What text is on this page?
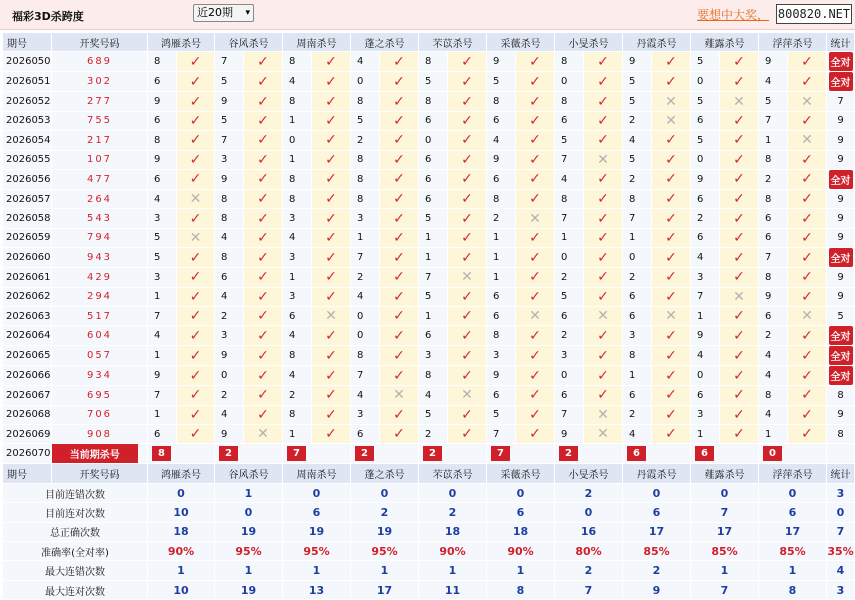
福彩3D杀跨度	近20期 ▾	要想中大奖， 800820.NET
期号	开奖号码	鸿雁杀号		谷风杀号		周南杀号		蓬之杀号		芣苡杀号		采薇杀号		小旻杀号		丹霞杀号		薤露杀号		浮萍杀号		统计
2026050	689	8	✓	7	✓	8	✓	4	✓	8	✓	9	✓	8	✓	9	✓	5	✓	9	✓	全对
2026051	302	6	✓	5	✓	4	✓	0	✓	5	✓	5	✓	0	✓	5	✓	0	✓	4	✓	全对
2026052	277	9	✓	9	✓	8	✓	8	✓	8	✓	8	✓	8	✓	5	✕	5	✕	5	✕	7
2026053	755	6	✓	5	✓	1	✓	5	✓	6	✓	6	✓	6	✓	2	✕	6	✓	7	✓	9
2026054	217	8	✓	7	✓	0	✓	2	✓	0	✓	4	✓	5	✓	4	✓	5	✓	1	✕	9
2026055	107	9	✓	3	✓	1	✓	8	✓	6	✓	9	✓	7	✕	5	✓	0	✓	8	✓	9
2026056	477	6	✓	9	✓	8	✓	8	✓	6	✓	6	✓	4	✓	2	✓	9	✓	2	✓	全对
2026057	264	4	✕	8	✓	8	✓	8	✓	6	✓	8	✓	8	✓	8	✓	6	✓	8	✓	9
2026058	543	3	✓	8	✓	3	✓	3	✓	5	✓	2	✕	7	✓	7	✓	2	✓	6	✓	9
2026059	794	5	✕	4	✓	4	✓	1	✓	1	✓	1	✓	1	✓	1	✓	6	✓	6	✓	9
2026060	943	5	✓	8	✓	3	✓	7	✓	1	✓	1	✓	0	✓	0	✓	4	✓	7	✓	全对
2026061	429	3	✓	6	✓	1	✓	2	✓	7	✕	1	✓	2	✓	2	✓	3	✓	8	✓	9
2026062	294	1	✓	4	✓	3	✓	4	✓	5	✓	6	✓	5	✓	6	✓	7	✕	9	✓	9
2026063	517	7	✓	2	✓	6	✕	0	✓	1	✓	6	✕	6	✕	6	✕	1	✓	6	✕	5
2026064	604	4	✓	3	✓	4	✓	0	✓	6	✓	8	✓	2	✓	3	✓	9	✓	2	✓	全对
2026065	057	1	✓	9	✓	8	✓	8	✓	3	✓	3	✓	3	✓	8	✓	4	✓	4	✓	全对
2026066	934	9	✓	0	✓	4	✓	7	✓	8	✓	9	✓	0	✓	1	✓	0	✓	4	✓	全对
2026067	695	7	✓	2	✓	2	✓	4	✕	4	✕	6	✓	6	✓	6	✓	6	✓	8	✓	8
2026068	706	1	✓	4	✓	8	✓	3	✓	5	✓	5	✓	7	✕	2	✓	3	✓	4	✓	9
2026069	908	6	✓	9	✕	1	✓	6	✓	2	✓	7	✓	9	✕	4	✓	1	✓	1	✓	8
2026070	当前期杀号	8		2		7		2		2		7		2		6		6		0		
期号	开奖号码	鸿雁杀号		谷风杀号		周南杀号		蓬之杀号		芣苡杀号		采薇杀号		小旻杀号		丹霞杀号		薤露杀号		浮萍杀号		统计
目前连错次数		0		1		0		0		0		0		2		0		0		0		3
目前连对次数		10		0		6		2		2		6		0		6		7		6		0
总正确次数		18		19		19		19		18		18		16		17		17		17		7
准确率(全对率)		90%		95%		95%		95%		90%		90%		80%		85%		85%		85%		35%
最大连错次数		1		1		1		1		1		1		2		2		1		1		4
最大连对次数		10		19		13		17		11		8		7		9		7		8		3
